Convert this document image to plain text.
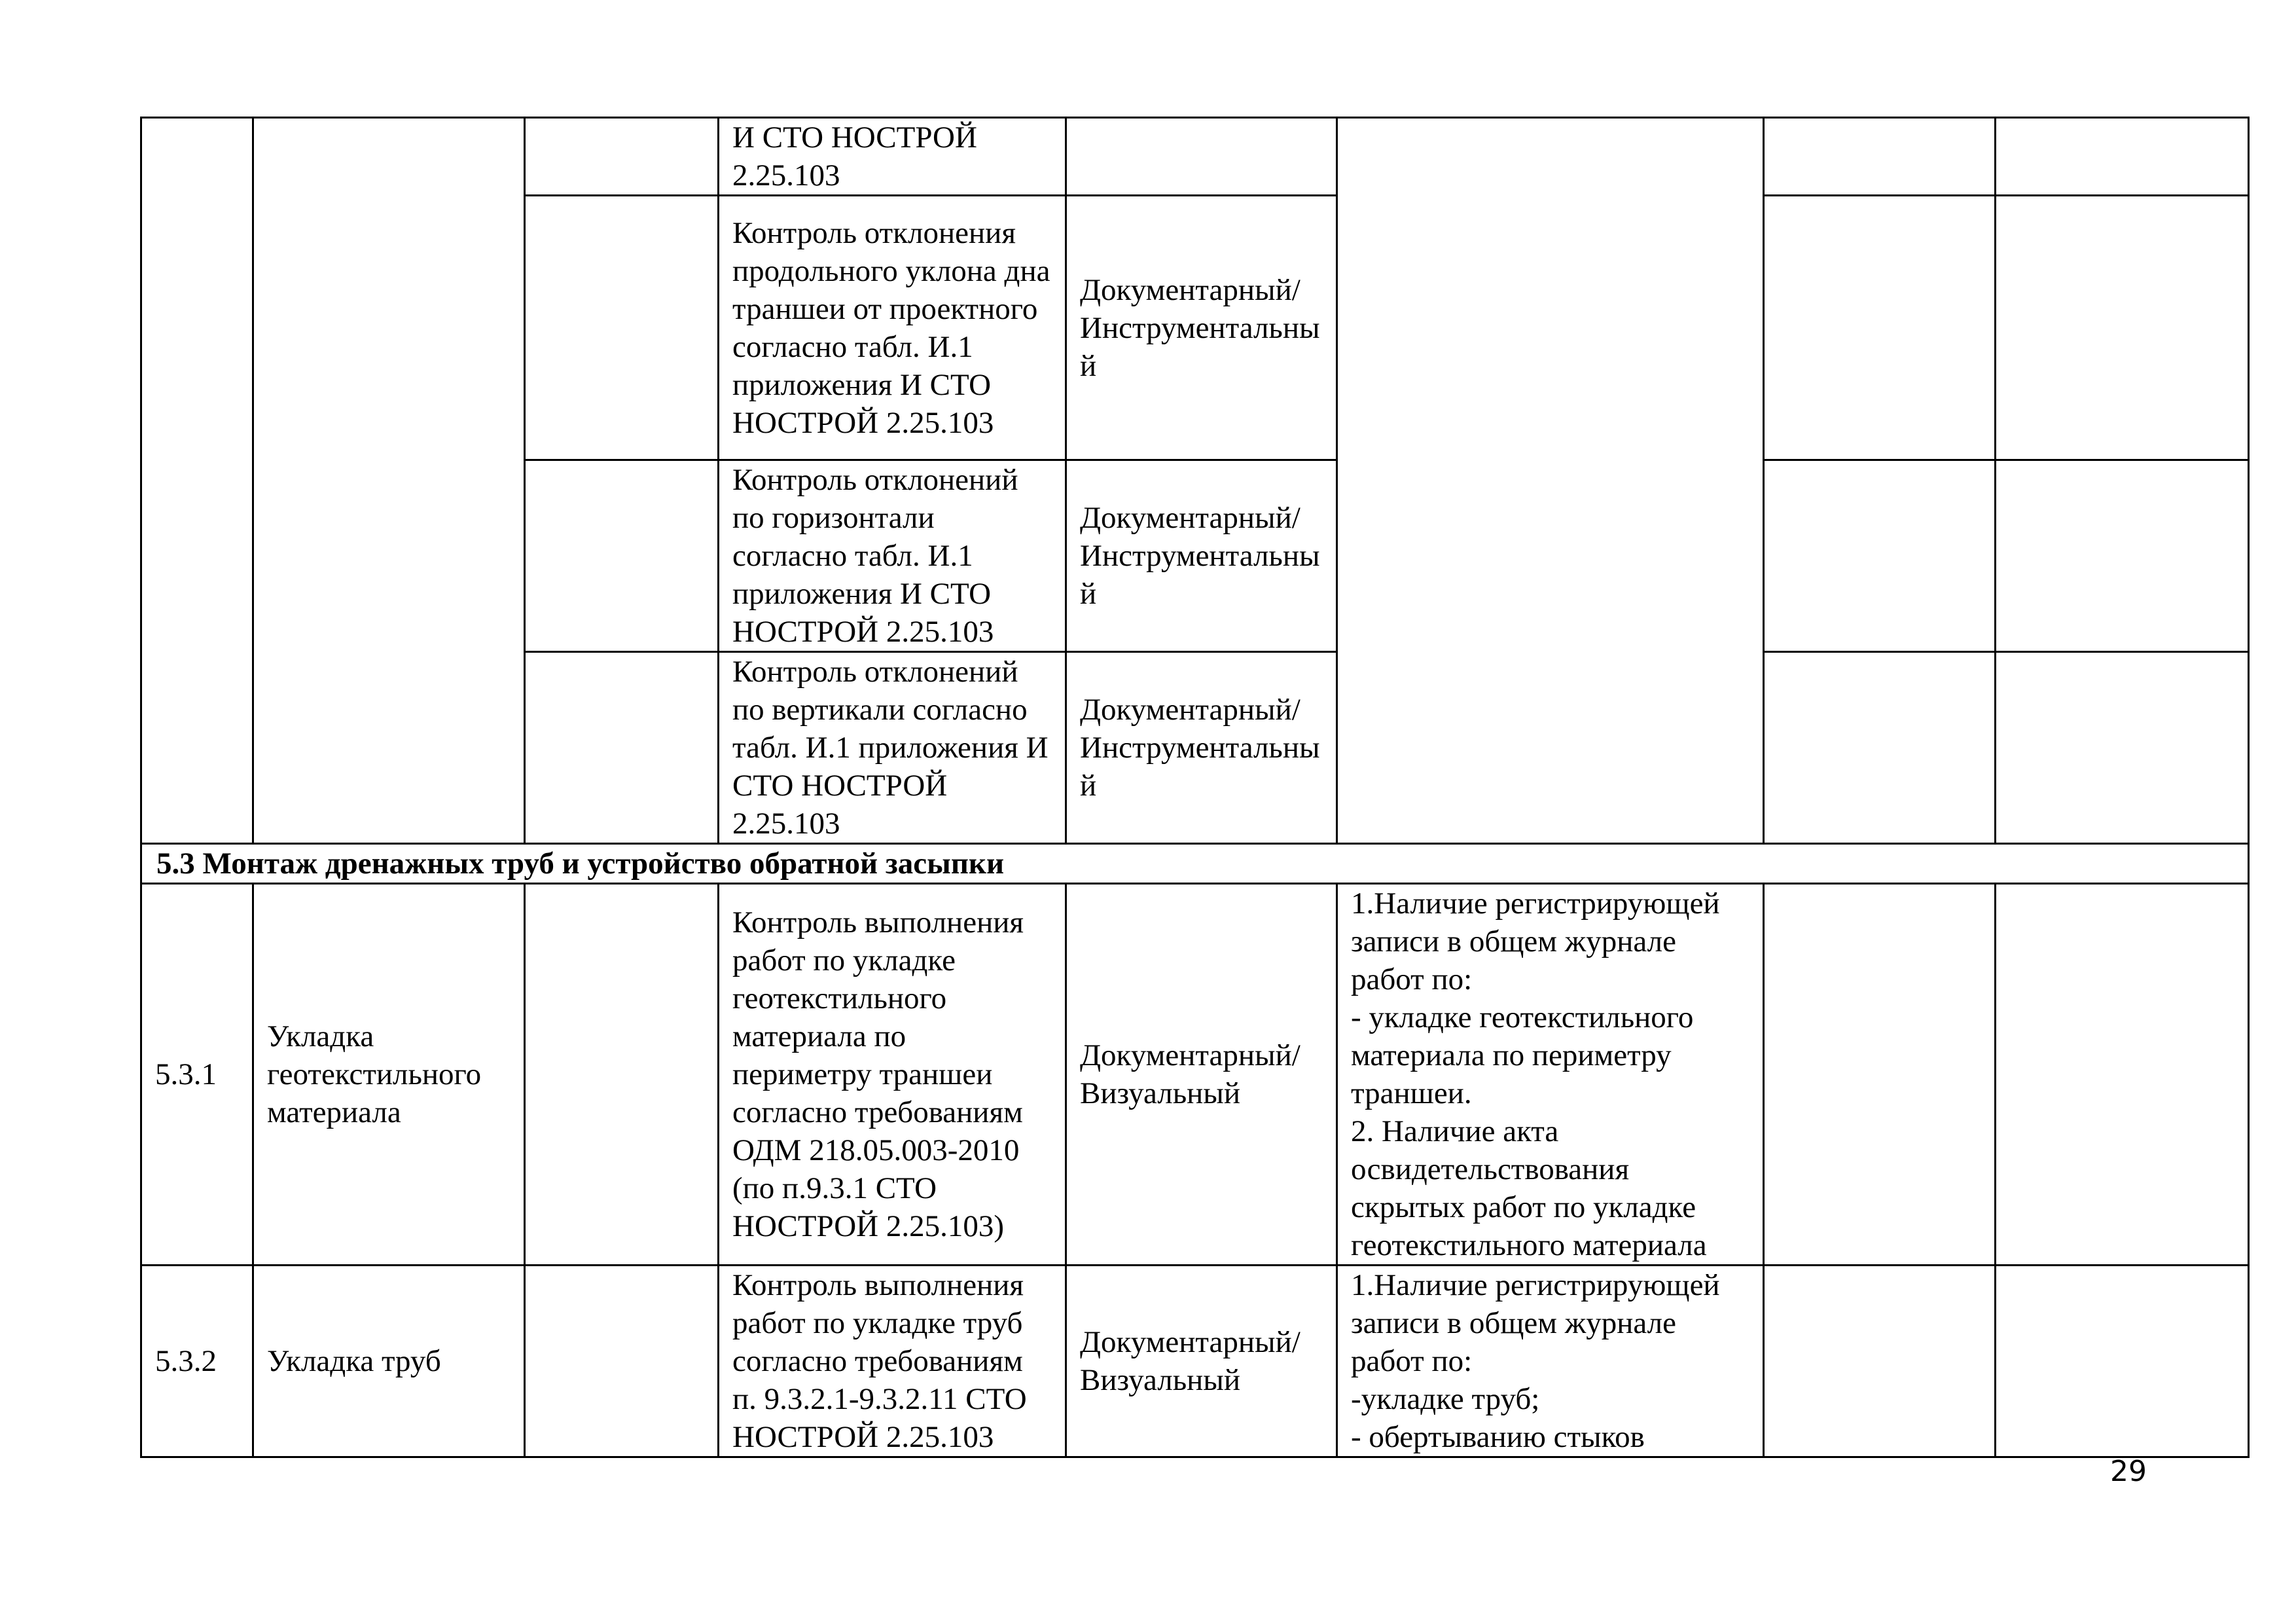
			И СТО НОСТРОЙ
2.25.103				
			Контроль отклонения продольного уклона дна траншеи от проектного согласно табл. И.1 приложения И СТО НОСТРОЙ 2.25.103	Документарный/
Инструментальный			
			Контроль отклонений по горизонтали согласно табл. И.1 приложения И СТО НОСТРОЙ 2.25.103	Документарный/
Инструментальный			
			Контроль отклонений по вертикали согласно табл. И.1 приложения И СТО НОСТРОЙ 2.25.103	Документарный/
Инструментальный			
5.3 Монтаж дренажных труб и устройство обратной засыпки							
5.3.1	Укладка геотекстильного материала		Контроль выполнения работ по укладке геотекстильного материала по периметру траншеи согласно требованиям ОДМ 218.05.003-2010 (по п.9.3.1 СТО НОСТРОЙ 2.25.103)	Документарный/
Визуальный	1.Наличие регистрирующей записи в общем журнале работ по:
- укладке геотекстильного материала по периметру траншеи.
2. Наличие акта освидетельствования скрытых работ по укладке геотекстильного материала		
5.3.2	Укладка труб		Контроль выполнения работ по укладке труб согласно требованиям п. 9.3.2.1-9.3.2.11 СТО НОСТРОЙ 2.25.103	Документарный/
Визуальный	1.Наличие регистрирующей записи в общем журнале работ по:
-укладке труб;
- обертыванию стыков		
29
